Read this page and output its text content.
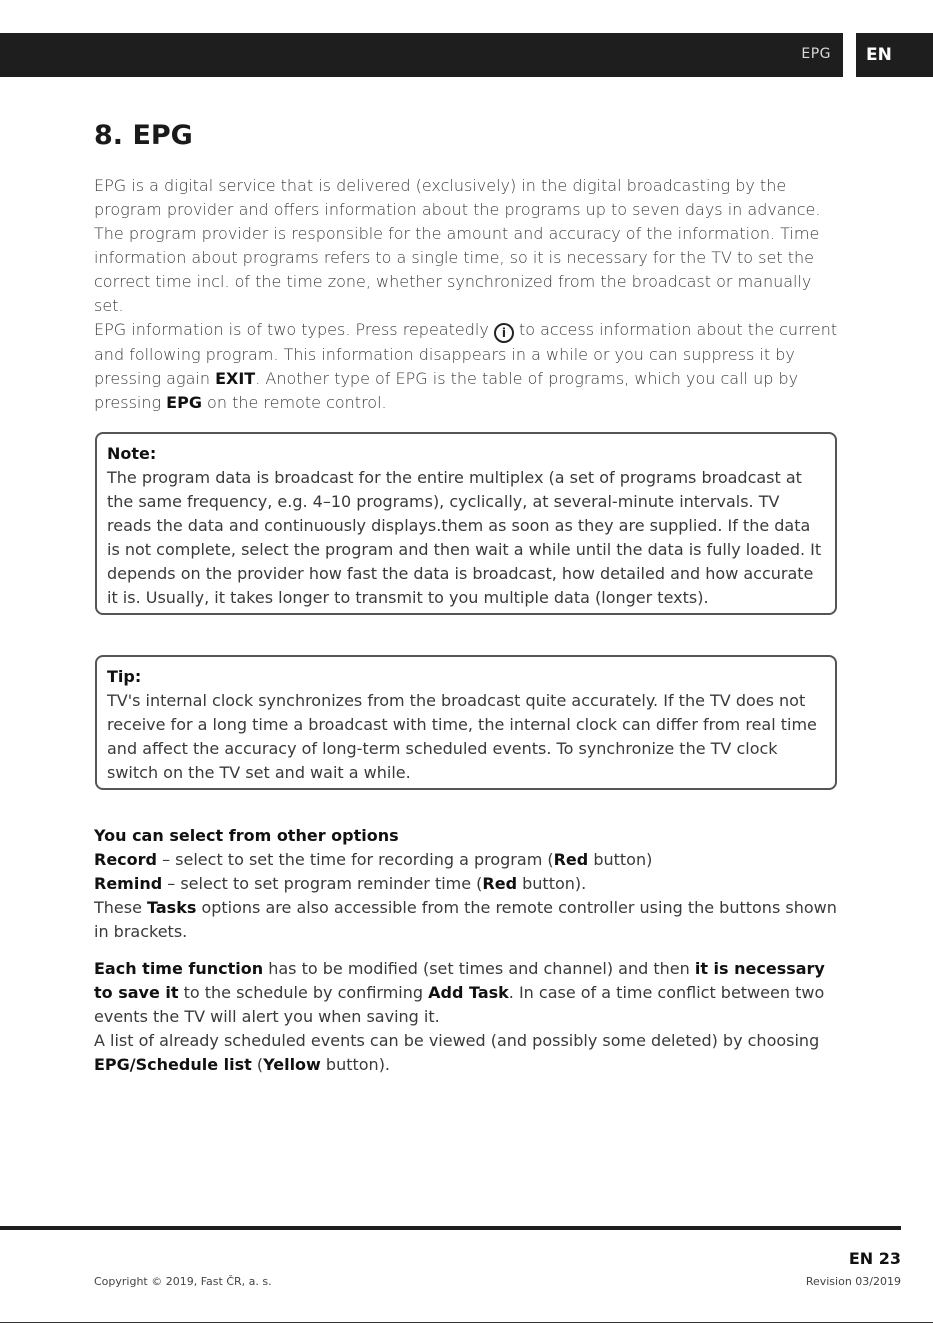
EPG	EN
8. EPG

EPG is a digital service that is delivered (exclusively) in the digital broadcasting by the program provider and offers information about the programs up to seven days in advance. The program provider is responsible for the amount and accuracy of the information. Time information about programs refers to a single time, so it is necessary for the TV to set the correct time incl. of the time zone, whether synchronized from the broadcast or manually set.

EPG information is of two types. Press repeatedly i to access information about the current and following program. This information disappears in a while or you can suppress it by pressing again EXIT. Another type of EPG is the table of programs, which you call up by pressing EPG on the remote control.

Note:
The program data is broadcast for the entire multiplex (a set of programs broadcast at the same frequency, e.g. 4–10 programs), cyclically, at several-minute intervals. TV reads the data and continuously displays.them as soon as they are supplied. If the data is not complete, select the program and then wait a while until the data is fully loaded. It depends on the provider how fast the data is broadcast, how detailed and how accurate it is. Usually, it takes longer to transmit to you multiple data (longer texts).
Tip:
TV's internal clock synchronizes from the broadcast quite accurately. If the TV does not receive for a long time a broadcast with time, the internal clock can differ from real time and affect the accuracy of long-term scheduled events. To synchronize the TV clock switch on the TV set and wait a while.
You can select from other options
Record – select to set the time for recording a program (Red button)
Remind – select to set program reminder time (Red button).
These Tasks options are also accessible from the remote controller using the buttons shown in brackets.

Each time function has to be modified (set times and channel) and then it is necessary to save it to the schedule by confirming Add Task. In case of a time conflict between two events the TV will alert you when saving it.

A list of already scheduled events can be viewed (and possibly some deleted) by choosing EPG/Schedule list (Yellow button).

Copyright © 2019, Fast ČR, a. s.
EN 23
Revision 03/2019
